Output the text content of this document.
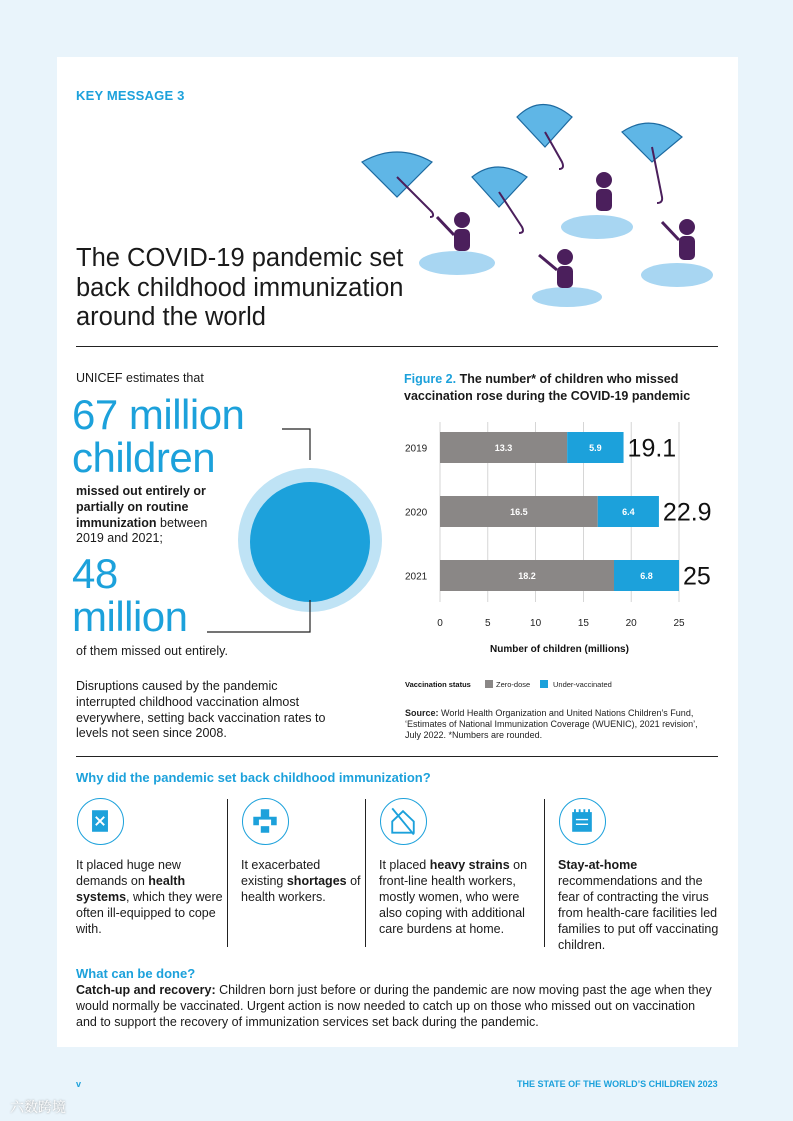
KEY MESSAGE 3
The COVID-19 pandemic set back childhood immunization around the world
UNICEF estimates that
67 million
children
missed out entirely or partially on routine immunization between 2019 and 2021;
48
million
of them missed out entirely.
Disruptions caused by the pandemic interrupted childhood vaccination almost everywhere, setting back vaccination rates to levels not seen since 2008.
Figure 2. The number* of children who missed vaccination rose during the COVID-19 pandemic
0	5	10	15	20	25
2019	13.3	5.9 19.1
2020	16.5	6.4 22.9
2021	18.2	6.8 25
Number of children (millions)
Vaccination status	Zero-dose	Under-vaccinated
Source: World Health Organization and United Nations Children’s Fund, ‘Estimates of National Immunization Coverage (WUENIC), 2021 revision’, July 2022. *Numbers are rounded.
Why did the pandemic set back childhood immunization?
It placed huge new demands on health systems, which they were often ill-equipped to cope with.
It exacerbated existing shortages of health workers.
It placed heavy strains on front-line health workers, mostly women, who were also coping with additional care burdens at home.
Stay-at-home recommendations and the fear of contracting the virus from health-care facilities led families to put off vaccinating children.
What can be done?
Catch-up and recovery: Children born just before or during the pandemic are now moving past the age when they would normally be vaccinated. Urgent action is now needed to catch up on those who missed out on vaccination and to support the recovery of immunization services set back during the pandemic.
v	THE STATE OF THE WORLD’S CHILDREN 2023
六数跨境
